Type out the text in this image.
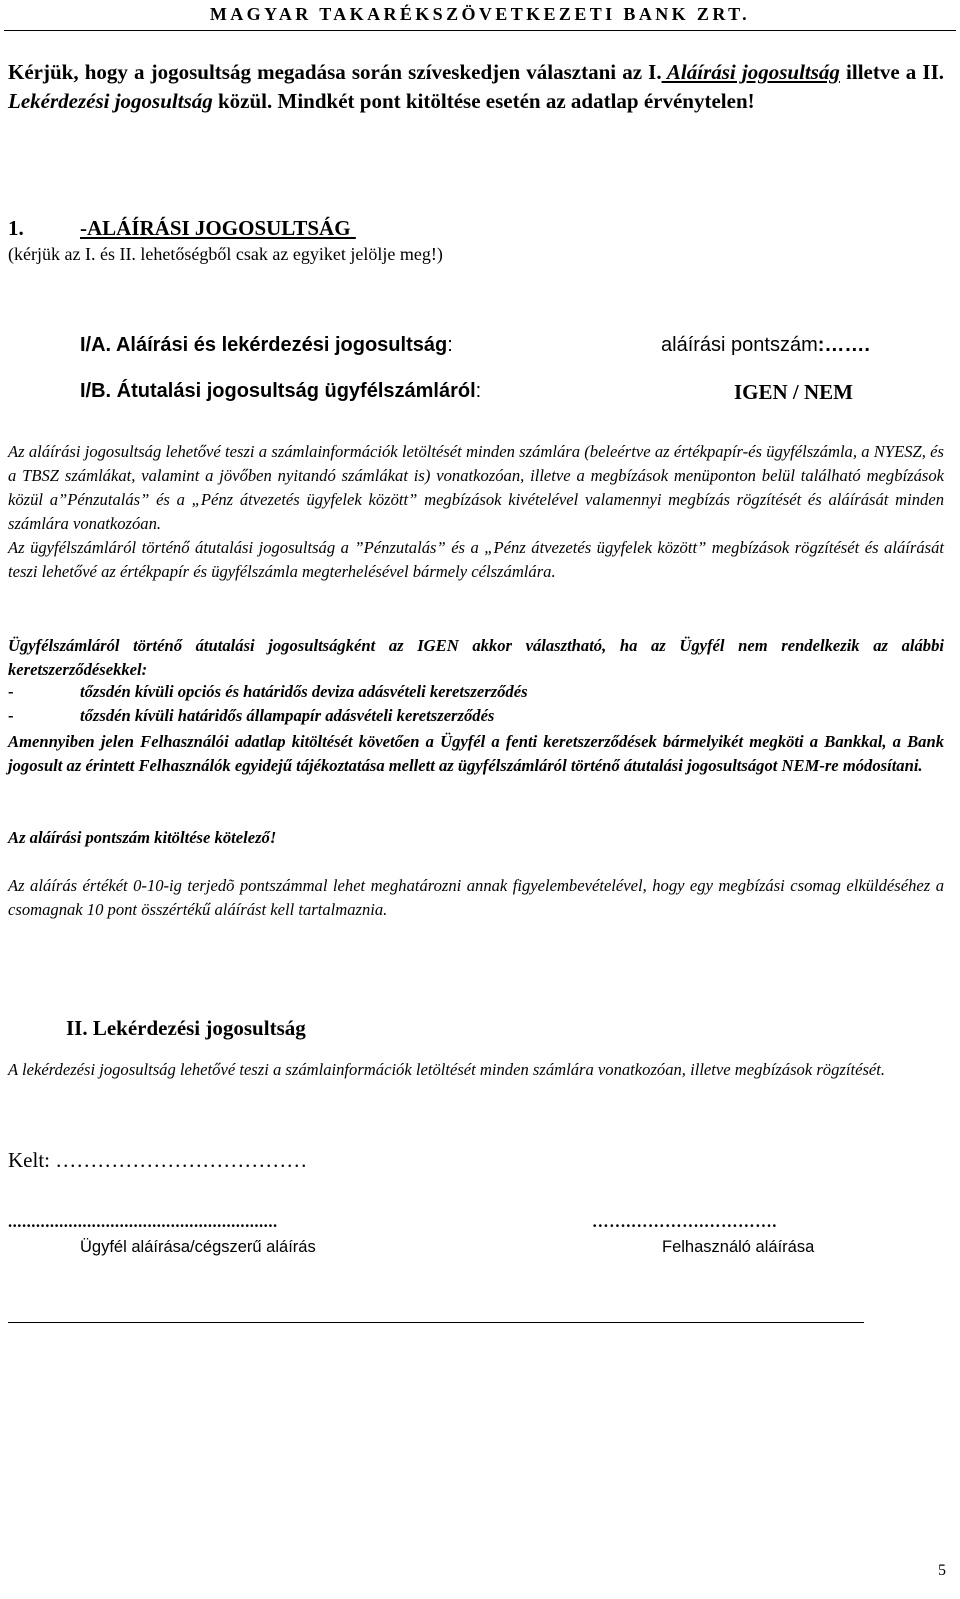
MAGYAR TAKARÉKSZÖVETKEZETI BANK ZRT.
Kérjük, hogy a jogosultság megadása során szíveskedjen választani az I. Aláírási jogosultság illetve a II. Lekérdezési jogosultság közül. Mindkét pont kitöltése esetén az adatlap érvénytelen!
1.	-ALÁÍRÁSI JOGOSULTSÁG
(kérjük az I. és II. lehetőségből csak az egyiket jelölje meg!)
I/A. Aláírási és lekérdezési jogosultság:	aláírási pontszám:…….
I/B. Átutalási jogosultság ügyfélszámláról:	IGEN / NEM
Az aláírási jogosultság lehetővé teszi a számlainformációk letöltését minden számlára (beleértve az értékpapír-és ügyfélszámla, a NYESZ, és a TBSZ számlákat, valamint a jövőben nyitandó számlákat is) vonatkozóan, illetve a megbízások menüponton belül található megbízások közül a”Pénzutalás” és a „Pénz átvezetés ügyfelek között” megbízások kivételével valamennyi megbízás rögzítését és aláírását minden számlára vonatkozóan.
Az ügyfélszámláról történő átutalási jogosultság a ”Pénzutalás” és a „Pénz átvezetés ügyfelek között” megbízások rögzítését és aláírását teszi lehetővé az értékpapír és ügyfélszámla megterhelésével bármely célszámlára.
Ügyfélszámláról történő átutalási jogosultságként az IGEN akkor választható, ha az Ügyfél nem rendelkezik az alábbi keretszerződésekkel:
-	tőzsdén kívüli opciós és határidős deviza adásvételi keretszerződés
-	tőzsdén kívüli határidős állampapír adásvételi keretszerződés
Amennyiben jelen Felhasználói adatlap kitöltését követően a Ügyfél a fenti keretszerződések bármelyikét megköti a Bankkal, a Bank jogosult az érintett Felhasználók egyidejű tájékoztatása mellett az ügyfélszámláról történő átutalási jogosultságot NEM-re módosítani.
Az aláírási pontszám kitöltése kötelező!
Az aláírás értékét 0-10-ig terjedõ pontszámmal lehet meghatározni annak figyelembevételével, hogy egy megbízási csomag elküldéséhez a csomagnak 10 pont összértékű aláírást kell tartalmaznia.
II. Lekérdezési jogosultság
A lekérdezési jogosultság lehetővé teszi a számlainformációk letöltését minden számlára vonatkozóan, illetve megbízások rögzítését.
Kelt: ………………………………
..........................................................	…….………….………….
Ügyfél aláírása/cégszerű aláírás	Felhasználó aláírása
5
